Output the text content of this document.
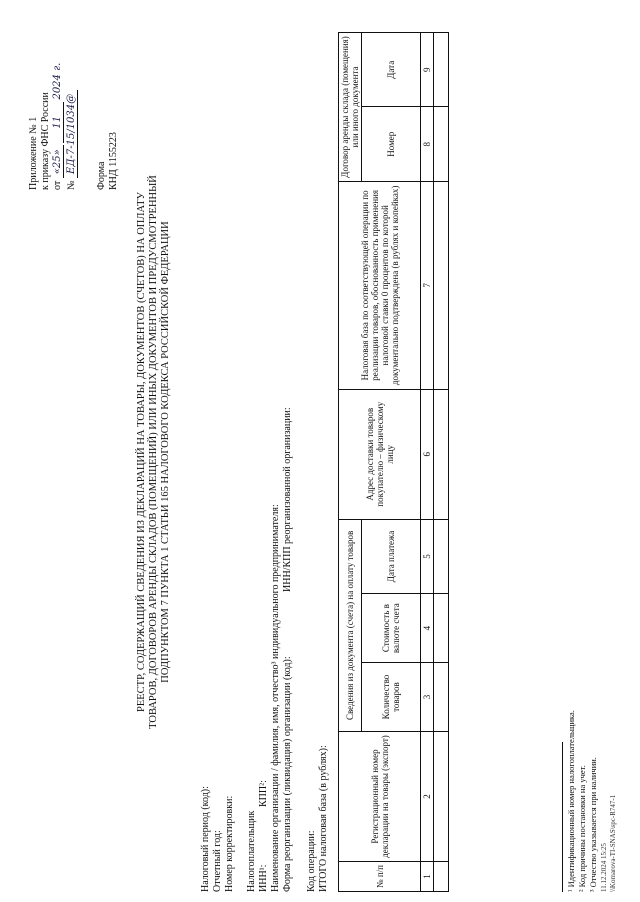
Приложение № 1 к приказу ФНС России от «25» 11 2024 г.
№ ЕД-7-15/1034@
Форма КНД 1155223
РЕЕСТР, СОДЕРЖАЩИЙ СВЕДЕНИЯ ИЗ ДЕКЛАРАЦИЙ НА ТОВАРЫ, ДОКУМЕНТОВ (СЧЕТОВ) НА ОПЛАТУ ТОВАРОВ, ДОГОВОРОВ АРЕНДЫ СКЛАДОВ (ПОМЕЩЕНИЙ) ИЛИ ИНЫХ ДОКУМЕНТОВ И ПРЕДУСМОТРЕННЫЙ ПОДПУНКТОМ 7 ПУНКТА 1 СТАТЬИ 165 НАЛОГОВОГО КОДЕКСА РОССИЙСКОЙ ФЕДЕРАЦИИ
Налоговый период (код): Отчетный год: Номер корректировки: Налогоплательщик ИНН¹:
КПП²: Наименование организации / фамилия, имя, отчество³ индивидуального предпринимателя: Форма реорганизации (ликвидация) организации (код):
ИНН/КПП реорганизованной организации:
Код операции: ИТОГО налоговая база (в рублях):	№ п/п	Регистрационный номер декларации на товары (экспорт)	Сведения из документа (счета) на оплату товаров			Адрес доставки товаров покупателю – физическому лицу	Налоговая база по соответствующей операции по реализации товаров, обоснованность применения налоговой ставки 0 процентов по которой документально подтверждена (в рублях и копейках)	Договор аренды склада (помещения) или иного документа	
		Количество товаров	Стоимость в валюте счета	Дата платежа			Номер	Дата
1	2	3	4	5	6	7	8	9

¹ Идентификационный номер налогоплательщика. ² Код причины постановки на учет. ³ Отчество указывается при наличии. 11.12.2024 15:25 \\Komarova-TI-SNAS\spc-R747-1
